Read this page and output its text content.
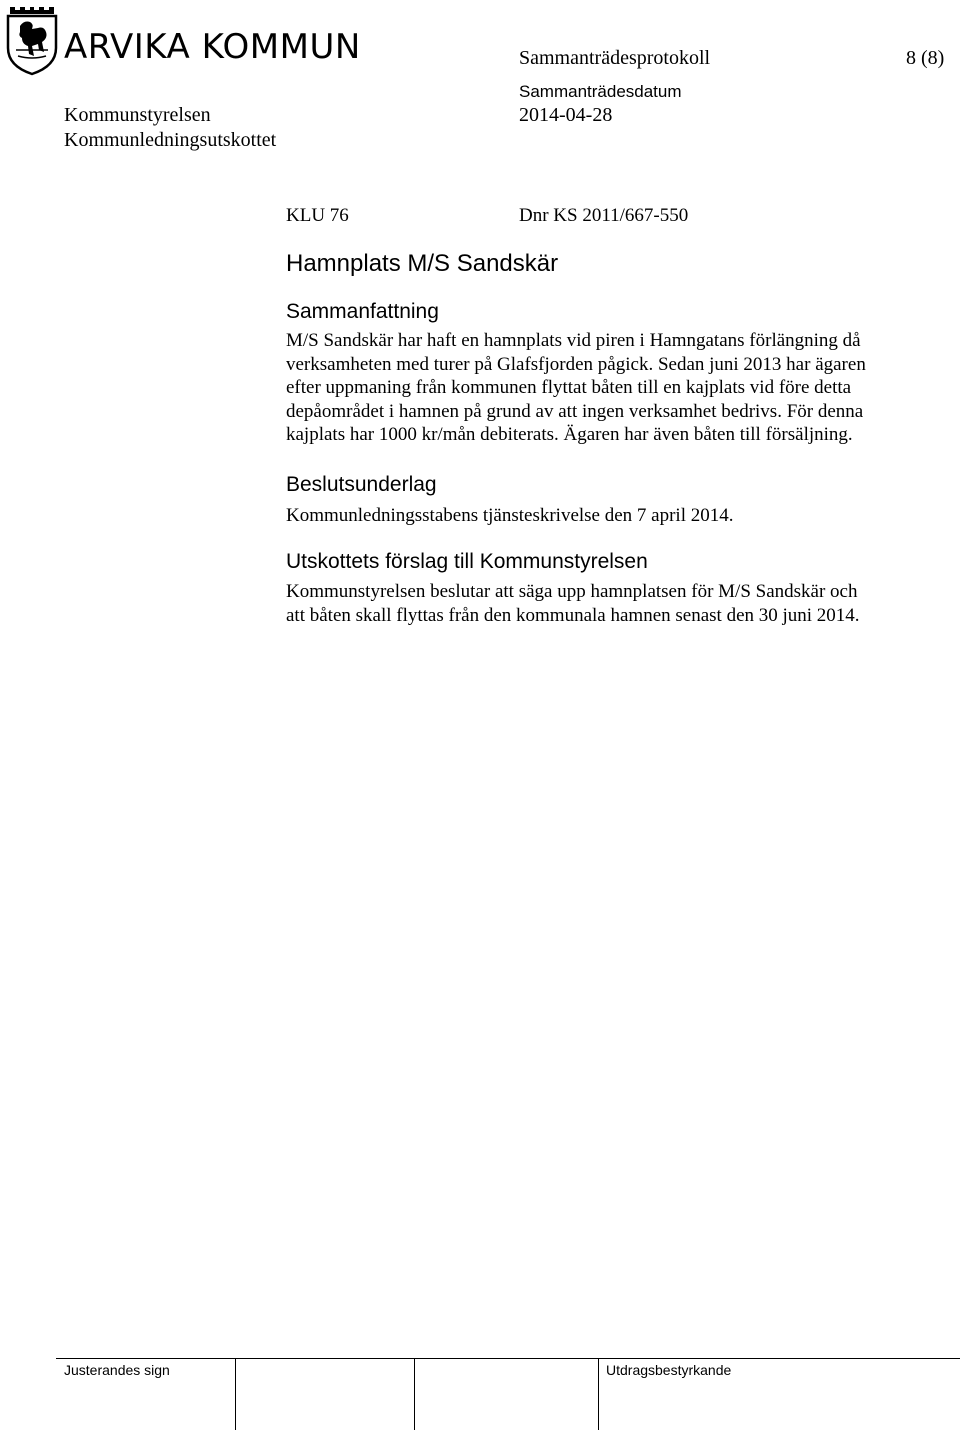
ARVIKA KOMMUN	Sammanträdesprotokoll	8 (8)
Sammanträdesdatum
Kommunstyrelsen	2014-04-28
Kommunledningsutskottet
KLU 76	Dnr KS 2011/667-550
Hamnplats M/S Sandskär
Sammanfattning
M/S Sandskär har haft en hamnplats vid piren i Hamngatans förlängning då
verksamheten med turer på Glafsfjorden pågick. Sedan juni 2013 har ägaren
efter uppmaning från kommunen flyttat båten till en kajplats vid före detta
depåområdet i hamnen på grund av att ingen verksamhet bedrivs. För denna
kajplats har 1000 kr/mån debiterats. Ägaren har även båten till försäljning.
Beslutsunderlag
Kommunledningsstabens tjänsteskrivelse den 7 april 2014.
Utskottets förslag till Kommunstyrelsen
Kommunstyrelsen beslutar att säga upp hamnplatsen för M/S Sandskär och
att båten skall flyttas från den kommunala hamnen senast den 30 juni 2014.
Justerandes sign	Utdragsbestyrkande
